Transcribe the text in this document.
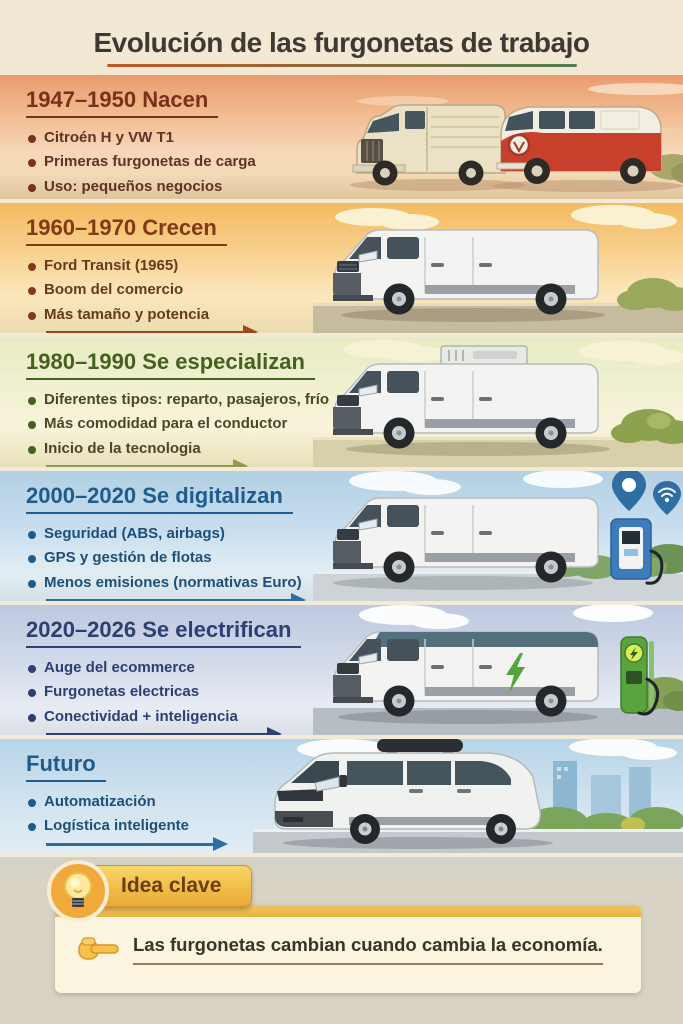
Evolución de las furgonetas de trabajo
1947–1950 Nacen
Citroén H y VW T1
Primeras furgonetas de carga
Uso: pequeños negocios
1960–1970 Crecen
Ford Transit (1965)
Boom del comercio
Más tamaño y potencia
1980–1990 Se especializan
Diferentes tipos: reparto, pasajeros, frío
Más comodidad para el conductor
Inicio de la tecnologia
2000–2020 Se digitalizan
Seguridad (ABS, airbags)
GPS y gestión de flotas
Menos emisiones (normativas Euro)
2020–2026 Se electrifican
Auge del ecommerce
Furgonetas electricas
Conectividad + inteligencia
Futuro
Automatización
Logística inteligente
Idea clave
Las furgonetas cambian cuando cambia la economía.
